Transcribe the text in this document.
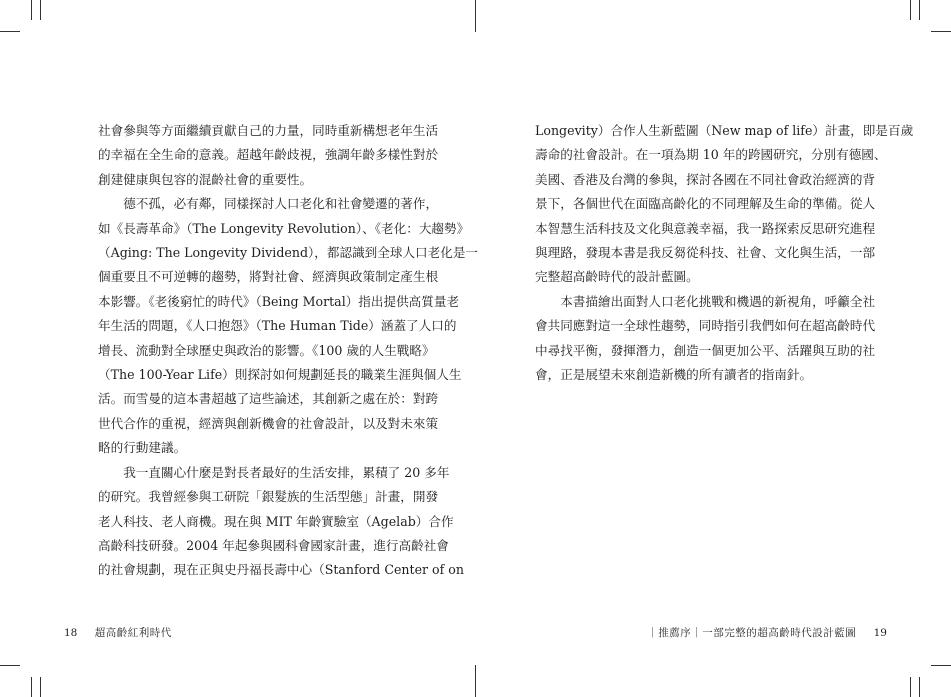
社會參與等方面繼續貢獻自己的力量，同時重新構想老年生活
的幸福在全生命的意義。超越年齡歧視，強調年齡多樣性對於
創建健康與包容的混齡社會的重要性。
德不孤，必有鄰，同樣探討人口老化和社會變遷的著作，
如《長壽革命》（The Longevity Revolution）、《老化：大趨勢》
（Aging: The Longevity Dividend），都認識到全球人口老化是一
個重要且不可逆轉的趨勢，將對社會、經濟與政策制定產生根
本影響。《老後窮忙的時代》（Being Mortal）指出提供高質量老
年生活的問題，《人口抱怨》（The Human Tide）涵蓋了人口的
增長、流動對全球歷史與政治的影響。《100 歲的人生戰略》
（The 100-Year Life）則探討如何規劃延長的職業生涯與個人生
活。而雪曼的這本書超越了這些論述，其創新之處在於：對跨
世代合作的重視，經濟與創新機會的社會設計，以及對未來策
略的行動建議。
我一直關心什麼是對長者最好的生活安排，累積了 20 多年
的研究。我曾經參與工研院「銀髮族的生活型態」計畫，開發
老人科技、老人商機。現在與 MIT 年齡實驗室（Agelab）合作
高齡科技研發。2004 年起參與國科會國家計畫，進行高齡社會
的社會規劃，現在正與史丹福長壽中心（Stanford Center of on
18 超高齡紅利時代
Longevity）合作人生新藍圖（New map of life）計畫，即是百歲
壽命的社會設計。在一項為期 10 年的跨國研究，分別有德國、
美國、香港及台灣的參與，探討各國在不同社會政治經濟的背
景下，各個世代在面臨高齡化的不同理解及生命的準備。從人
本智慧生活科技及文化與意義幸福，我一路探索反思研究進程
與理路，發現本書是我反芻從科技、社會、文化與生活，一部
完整超高齡時代的設計藍圖。
本書描繪出面對人口老化挑戰和機遇的新視角，呼籲全社
會共同應對這一全球性趨勢，同時指引我們如何在超高齡時代
中尋找平衡，發揮潛力，創造一個更加公平、活躍與互助的社
會，正是展望未來創造新機的所有讀者的指南針。
｜推薦序｜一部完整的超高齡時代設計藍圖 19
